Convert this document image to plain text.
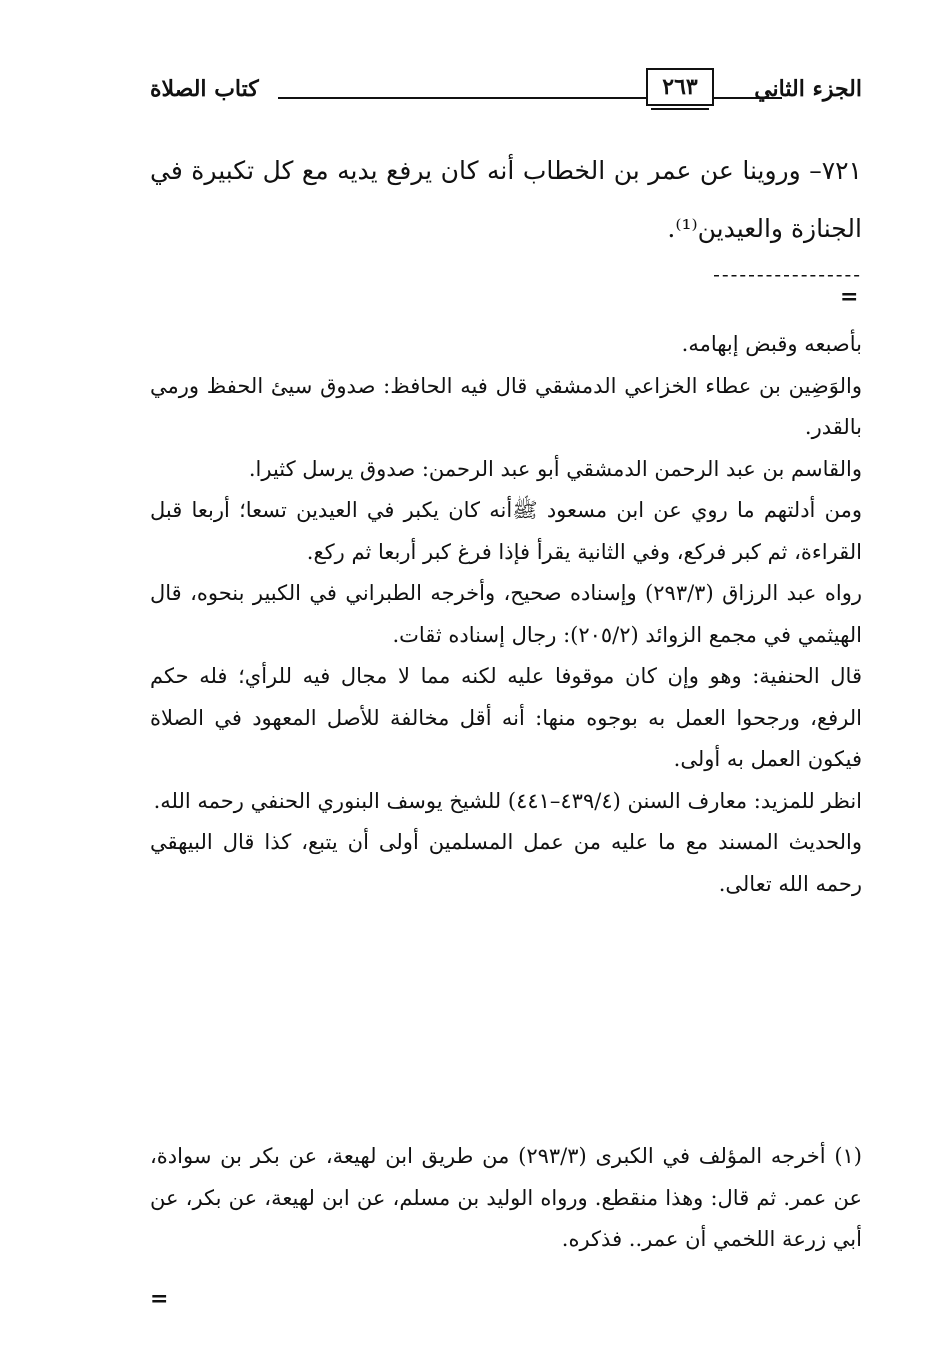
كتاب الصلاة	٢٦٣	الجزء الثاني
٧٢١– وروينا عن عمر بن الخطاب أنه كان يرفع يديه مع كل تكبيرة في الجنازة والعيدين⁽¹⁾.
-----------------
=

بأصبعه وقبض إبهامه.

والوَضِين بن عطاء الخزاعي الدمشقي قال فيه الحافظ: صدوق سيئ الحفظ ورمي بالقدر.

والقاسم بن عبد الرحمن الدمشقي أبو عبد الرحمن: صدوق يرسل كثيرا.

ومن أدلتهم ما روي عن ابن مسعود ﷺأنه كان يكبر في العيدين تسعا؛ أربعا قبل القراءة، ثم كبر فركع، وفي الثانية يقرأ فإذا فرغ كبر أربعا ثم ركع.

رواه عبد الرزاق (٢٩٣/٣) وإسناده صحيح، وأخرجه الطبراني في الكبير بنحوه، قال الهيثمي في مجمع الزوائد (٢٠٥/٢): رجال إسناده ثقات.

قال الحنفية: وهو وإن كان موقوفا عليه لكنه مما لا مجال فيه للرأي؛ فله حكم الرفع، ورجحوا العمل به بوجوه منها: أنه أقل مخالفة للأصل المعهود في الصلاة فيكون العمل به أولى.

انظر للمزيد: معارف السنن (٤٣٩/٤–٤٤١) للشيخ يوسف البنوري الحنفي رحمه الله.

والحديث المسند مع ما عليه من عمل المسلمين أولى أن يتبع، كذا قال البيهقي رحمه الله تعالى.

(١) أخرجه المؤلف في الكبرى (٢٩٣/٣) من طريق ابن لهيعة، عن بكر بن سوادة، عن عمر. ثم قال: وهذا منقطع. ورواه الوليد بن مسلم، عن ابن لهيعة، عن بكر، عن أبي زرعة اللخمي أن عمر.. فذكره.

=
